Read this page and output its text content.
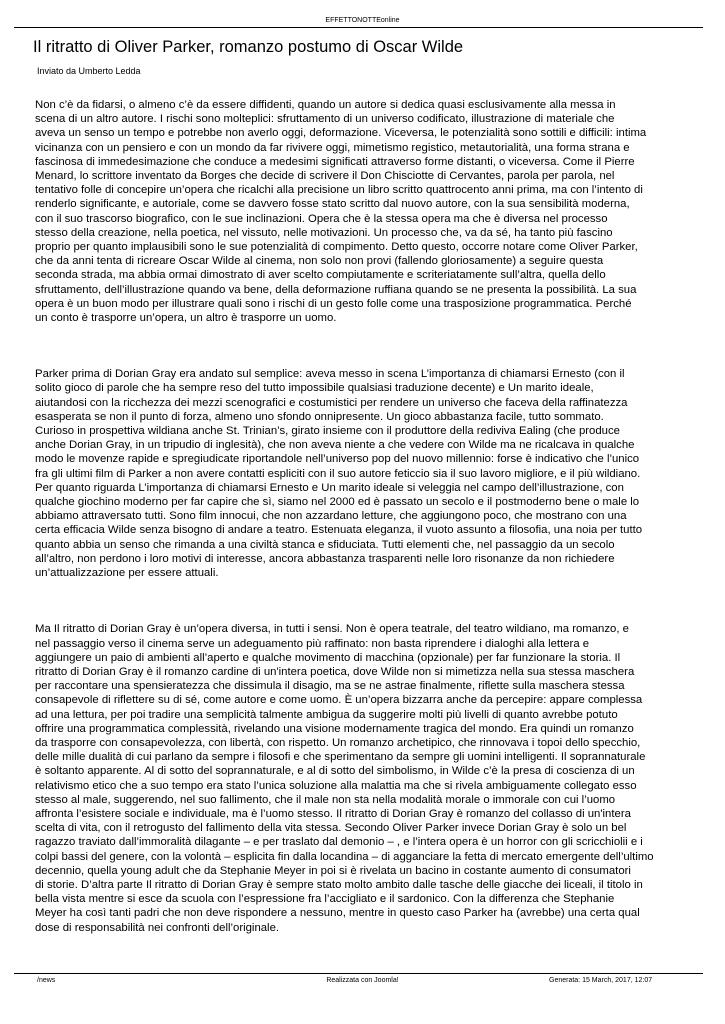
EFFETTONOTTEonline
Il ritratto di Oliver Parker, romanzo postumo di Oscar Wilde
Inviato da Umberto Ledda

Non c’è da fidarsi, o almeno c’è da essere diffidenti, quando un autore si dedica quasi esclusivamente alla messa in
scena di un altro autore. I rischi sono molteplici: sfruttamento di un universo codificato, illustrazione di materiale che
aveva un senso un tempo e potrebbe non averlo oggi, deformazione. Viceversa, le potenzialità sono sottili e difficili: intima
vicinanza con un pensiero e con un mondo da far rivivere oggi, mimetismo registico, metautorialità, una forma strana e
fascinosa di immedesimazione che conduce a medesimi significati attraverso forme distanti, o viceversa. Come il Pierre
Menard, lo scrittore inventato da Borges che decide di scrivere il Don Chisciotte di Cervantes, parola per parola, nel
tentativo folle di concepire un’opera che ricalchi alla precisione un libro scritto quattrocento anni prima, ma con l’intento di
renderlo significante, e autoriale, come se davvero fosse stato scritto dal nuovo autore, con la sua sensibilità moderna,
con il suo trascorso biografico, con le sue inclinazioni. Opera che è la stessa opera ma che è diversa nel processo
stesso della creazione, nella poetica, nel vissuto, nelle motivazioni. Un processo che, va da sé, ha tanto più fascino
proprio per quanto implausibili sono le sue potenzialità di compimento. Detto questo, occorre notare come Oliver Parker,
che da anni tenta di ricreare Oscar Wilde al cinema, non solo non provi (fallendo gloriosamente) a seguire questa
seconda strada, ma abbia ormai dimostrato di aver scelto compiutamente e scriteriatamente sull’altra, quella dello
sfruttamento, dell’illustrazione quando va bene, della deformazione ruffiana quando se ne presenta la possibilità. La sua
opera è un buon modo per illustrare quali sono i rischi di un gesto folle come una trasposizione programmatica. Perché
un conto è trasporre un’opera, un altro è trasporre un uomo.

Parker prima di Dorian Gray era andato sul semplice: aveva messo in scena L’importanza di chiamarsi Ernesto (con il
solito gioco di parole che ha sempre reso del tutto impossibile qualsiasi traduzione decente) e Un marito ideale,
aiutandosi con la ricchezza dei mezzi scenografici e costumistici per rendere un universo che faceva della raffinatezza
esasperata se non il punto di forza, almeno uno sfondo onnipresente. Un gioco abbastanza facile, tutto sommato.
Curioso in prospettiva wildiana anche St. Trinian’s, girato insieme con il produttore della rediviva Ealing (che produce
anche Dorian Gray, in un tripudio di inglesità), che non aveva niente a che vedere con Wilde ma ne ricalcava in qualche
modo le movenze rapide e spregiudicate riportandole nell’universo pop del nuovo millennio: forse è indicativo che l’unico
fra gli ultimi film di Parker a non avere contatti espliciti con il suo autore feticcio sia il suo lavoro migliore, e il più wildiano.
Per quanto riguarda L’importanza di chiamarsi Ernesto e Un marito ideale si veleggia nel campo dell’illustrazione, con
qualche giochino moderno per far capire che sì, siamo nel 2000 ed è passato un secolo e il postmoderno bene o male lo
abbiamo attraversato tutti. Sono film innocui, che non azzardano letture, che aggiungono poco, che mostrano con una
certa efficacia Wilde senza bisogno di andare a teatro. Estenuata eleganza, il vuoto assunto a filosofia, una noia per tutto
quanto abbia un senso che rimanda a una civiltà stanca e sfiduciata. Tutti elementi che, nel passaggio da un secolo
all’altro, non perdono i loro motivi di interesse, ancora abbastanza trasparenti nelle loro risonanze da non richiedere
un’attualizzazione per essere attuali.

Ma Il ritratto di Dorian Gray è un’opera diversa, in tutti i sensi. Non è opera teatrale, del teatro wildiano, ma romanzo, e
nel passaggio verso il cinema serve un adeguamento più raffinato: non basta riprendere i dialoghi alla lettera e
aggiungere un paio di ambienti all’aperto e qualche movimento di macchina (opzionale) per far funzionare la storia. Il
ritratto di Dorian Gray è il romanzo cardine di un'intera poetica, dove Wilde non si mimetizza nella sua stessa maschera
per raccontare una spensieratezza che dissimula il disagio, ma se ne astrae finalmente, riflette sulla maschera stessa
consapevole di riflettere su di sé, come autore e come uomo. È un’opera bizzarra anche da percepire: appare complessa
ad una lettura, per poi tradire una semplicità talmente ambigua da suggerire molti più livelli di quanto avrebbe potuto
offrire una programmatica complessità, rivelando una visione modernamente tragica del mondo. Era quindi un romanzo
da trasporre con consapevolezza, con libertà, con rispetto. Un romanzo archetipico, che rinnovava i topoi dello specchio,
delle mille dualità di cui parlano da sempre i filosofi e che sperimentano da sempre gli uomini intelligenti. Il soprannaturale
è soltanto apparente. Al di sotto del soprannaturale, e al di sotto del simbolismo, in Wilde c’è la presa di coscienza di un
relativismo etico che a suo tempo era stato l’unica soluzione alla malattia ma che si rivela ambiguamente collegato esso
stesso al male, suggerendo, nel suo fallimento, che il male non sta nella modalità morale o immorale con cui l’uomo
affronta l’esistere sociale e individuale, ma è l’uomo stesso. Il ritratto di Dorian Gray è romanzo del collasso di un'intera
scelta di vita, con il retrogusto del fallimento della vita stessa. Secondo Oliver Parker invece Dorian Gray è solo un bel
ragazzo traviato dall’immoralità dilagante – e per traslato dal demonio – , e l’intera opera è un horror con gli scricchiolii e i
colpi bassi del genere, con la volontà – esplicita fin dalla locandina – di agganciare la fetta di mercato emergente dell’ultimo
decennio, quella young adult che da Stephanie Meyer in poi si è rivelata un bacino in costante aumento di consumatori
di storie. D’altra parte Il ritratto di Dorian Gray è sempre stato molto ambito dalle tasche delle giacche dei liceali, il titolo in
bella vista mentre si esce da scuola con l’espressione fra l’accigliato e il sardonico. Con la differenza che Stephanie
Meyer ha così tanti padri che non deve rispondere a nessuno, mentre in questo caso Parker ha (avrebbe) una certa qual
dose di responsabilità nei confronti dell’originale.

/news	Realizzata con Joomla!	Generata: 15 March, 2017, 12:07
